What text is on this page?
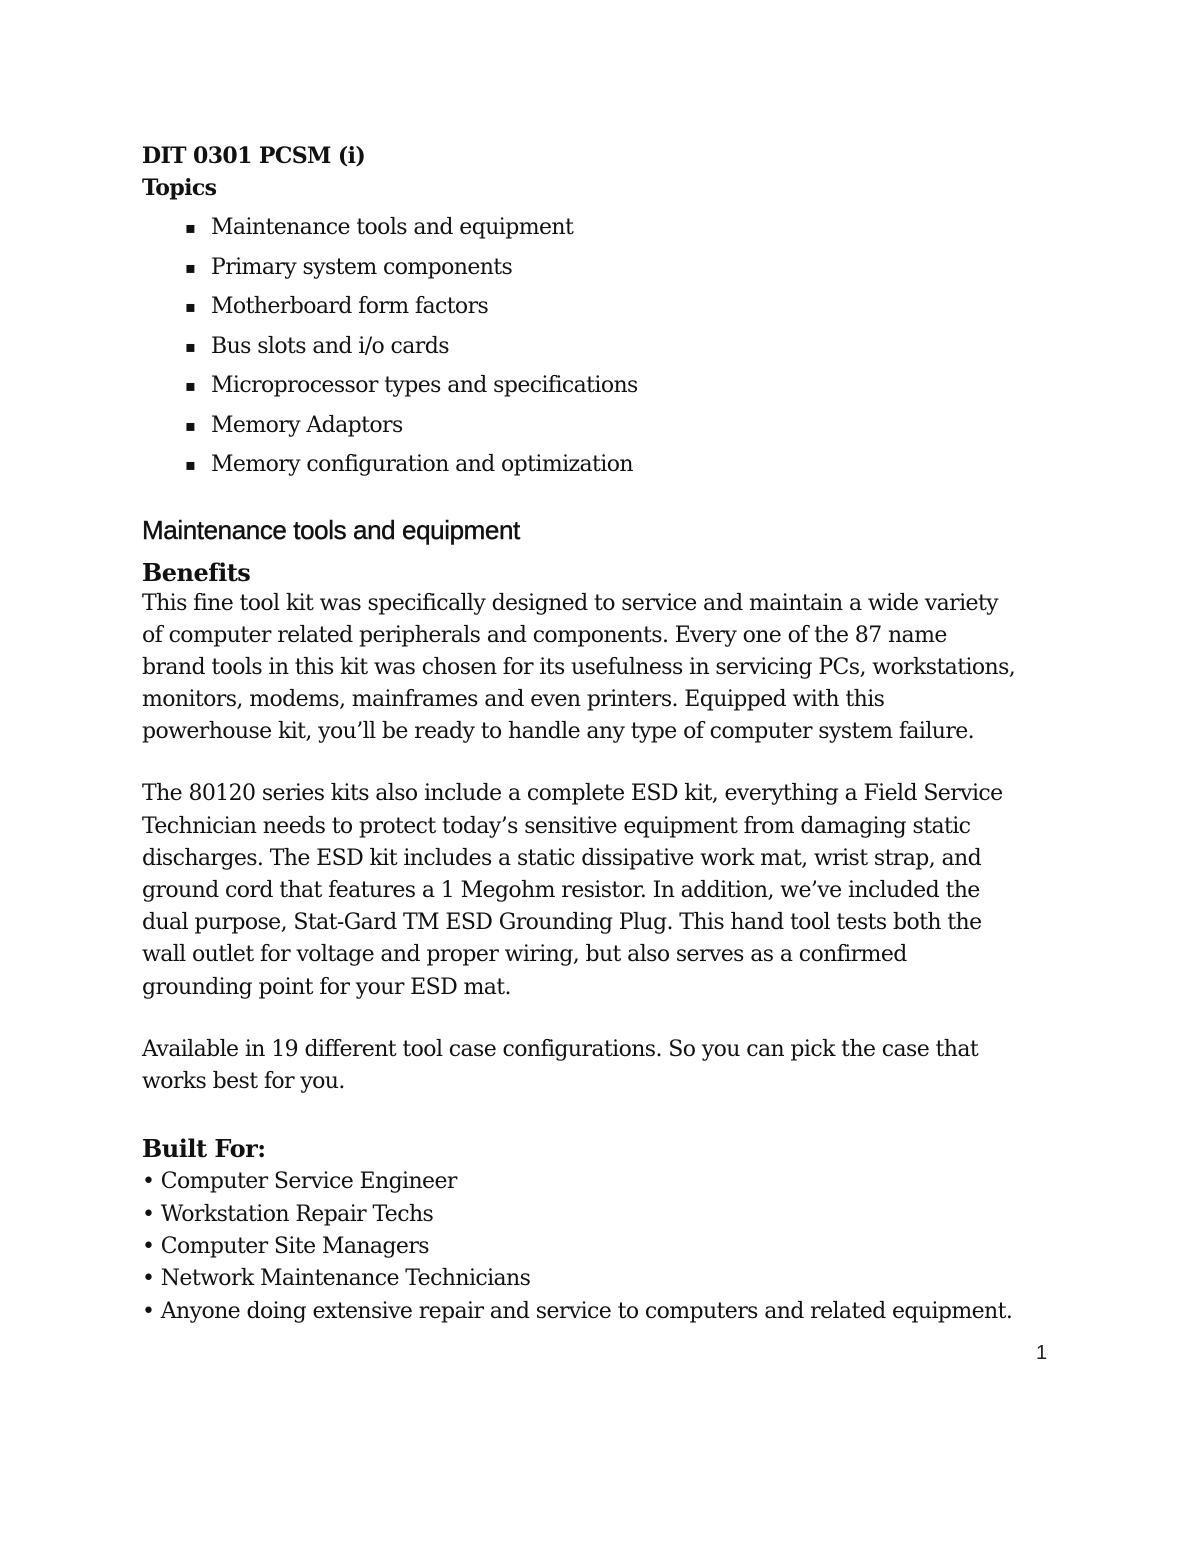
DIT 0301 PCSM (i)

Topics

▪ Maintenance tools and equipment
▪ Primary system components
▪ Motherboard form factors
▪ Bus slots and i/o cards
▪ Microprocessor types and specifications
▪ Memory Adaptors
▪ Memory configuration and optimization
Maintenance tools and equipment

Benefits

This fine tool kit was specifically designed to service and maintain a wide variety
of computer related peripherals and components. Every one of the 87 name
brand tools in this kit was chosen for its usefulness in servicing PCs, workstations,
monitors, modems, mainframes and even printers. Equipped with this
powerhouse kit, you’ll be ready to handle any type of computer system failure.

The 80120 series kits also include a complete ESD kit, everything a Field Service
Technician needs to protect today’s sensitive equipment from damaging static
discharges. The ESD kit includes a static dissipative work mat, wrist strap, and
ground cord that features a 1 Megohm resistor. In addition, we’ve included the
dual purpose, Stat-Gard TM ESD Grounding Plug. This hand tool tests both the
wall outlet for voltage and proper wiring, but also serves as a confirmed
grounding point for your ESD mat.

Available in 19 different tool case configurations. So you can pick the case that
works best for you.

Built For:

• Computer Service Engineer
• Workstation Repair Techs
• Computer Site Managers
• Network Maintenance Technicians
• Anyone doing extensive repair and service to computers and related equipment.
1
